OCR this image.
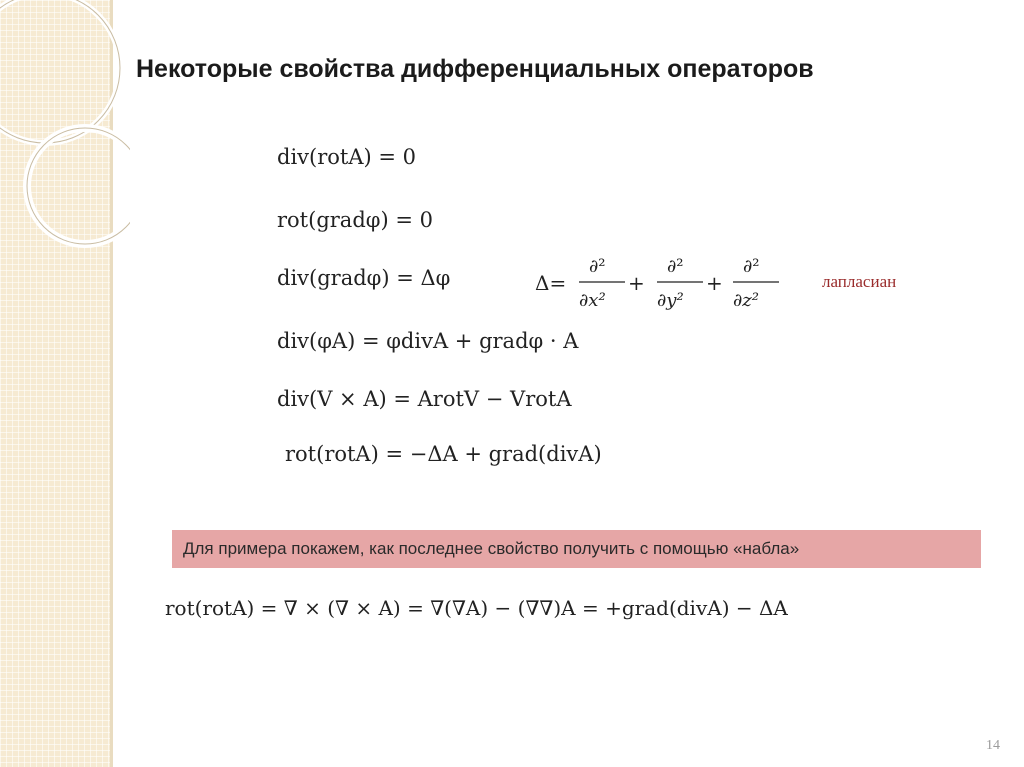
Некоторые свойства дифференциальных операторов
div(rotA) = 0
rot(gradφ) = 0
div(gradφ) = Δφ
div(φA) = φdivA + gradφ · A
div(V × A) = ArotV − VrotA
rot(rotA) = −ΔA + grad(divA)
Δ=
∂²
∂x²
+
∂²
∂y²
+
∂²
∂z²
лапласиан
Для примера покажем, как последнее свойство получить с помощью «набла»
rot(rotA) = ∇ × (∇ × A) = ∇(∇A) − (∇∇)A = +grad(divA) − ΔA
14
